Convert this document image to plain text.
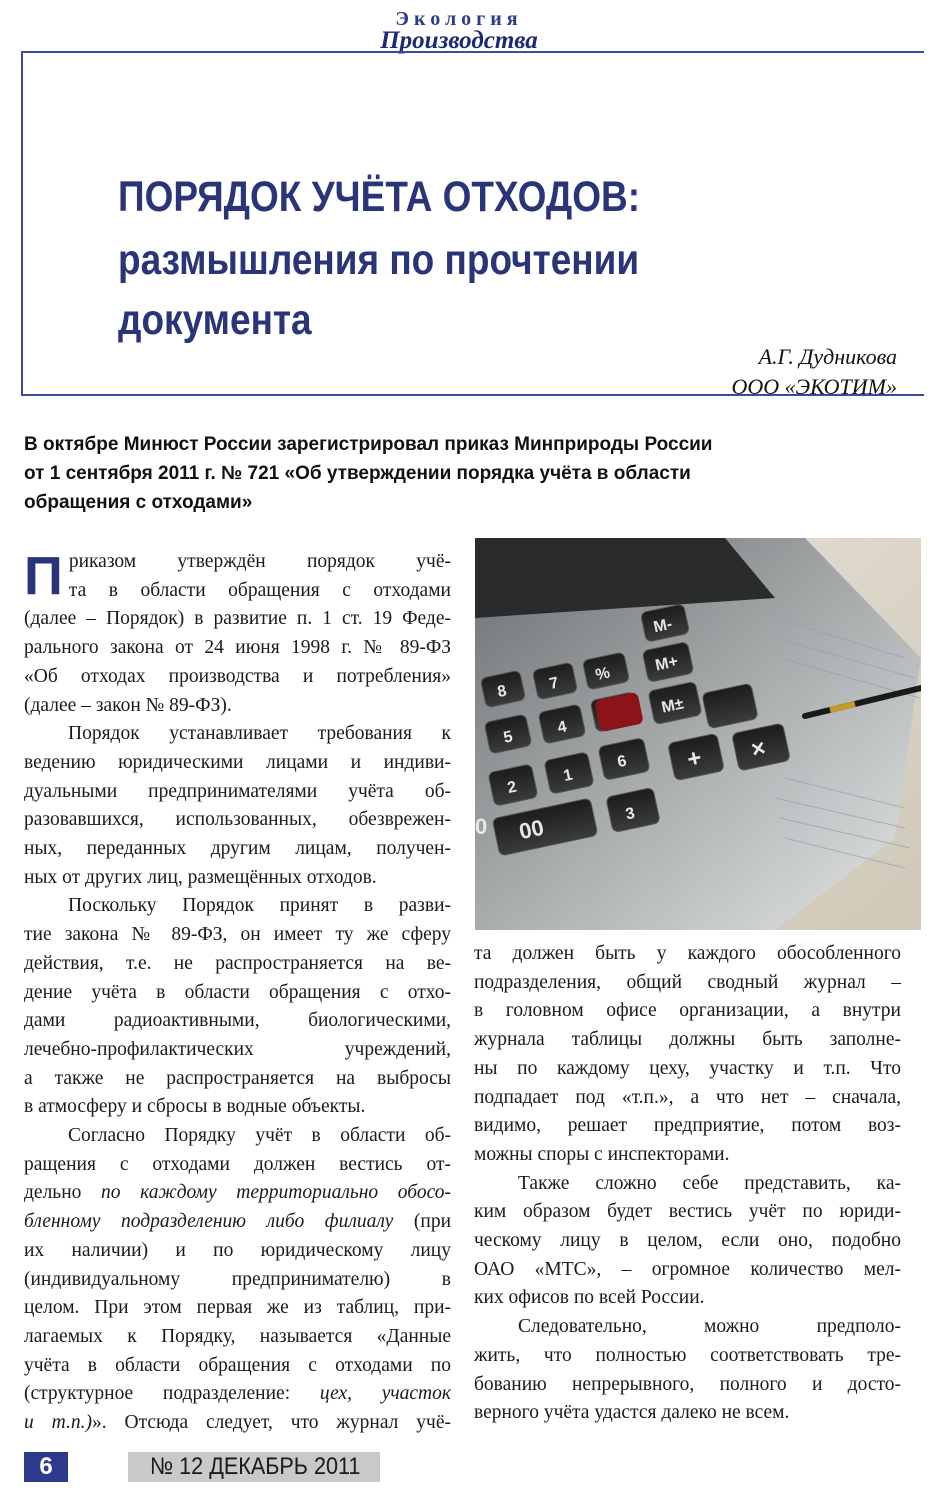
Экология
Производства
ПОРЯДОК УЧЁТА ОТХОДОВ:
размышления по прочтении
документа
А.Г. Дудникова
ООО «ЭКОТИМ»

В октябре Минюст России зарегистрировал приказ Минприроды России
от 1 сентября 2011 г. № 721 «Об утверждении порядка учёта в области
обращения с отходами»

П риказом утверждён порядок учё-
та в области обращения с отходами
(далее – Порядок) в развитие п. 1 ст. 19 Феде-
рального закона от 24 июня 1998 г. № 89-ФЗ
«Об отходах производства и потребления»
(далее – закон № 89-ФЗ).
Порядок устанавливает требования к
ведению юридическими лицами и индиви-
дуальными предпринимателями учёта об-
разовавшихся, использованных, обезврежен-
ных, переданных другим лицам, получен-
ных от других лиц, размещённых отходов.
Поскольку Порядок принят в разви-
тие закона № 89-ФЗ, он имеет ту же сферу
действия, т.е. не распространяется на ве-
дение учёта в области обращения с отхо-
дами радиоактивными, биологическими,
лечебно-профилактических учреждений,
а также не распространяется на выбросы
в атмосферу и сбросы в водные объекты.
Согласно Порядку учёт в области об-
ращения с отходами должен вестись от-
дельно по каждому территориально обосо-
бленному подразделению либо филиалу (при
их наличии) и по юридическому лицу
(индивидуальному предпринимателю) в
целом. При этом первая же из таблиц, при-
лагаемых к Порядку, называется «Данные
учёта в области обращения с отходами по
(структурное подразделение: цех, участок
и т.п.)». Отсюда следует, что журнал учё-
M-
M+
M±
%
7
8
4
5
6
1
2
3
+ ×
00
0
та должен быть у каждого обособленного
подразделения, общий сводный журнал –
в головном офисе организации, а внутри
журнала таблицы должны быть заполне-
ны по каждому цеху, участку и т.п. Что
подпадает под «т.п.», а что нет – сначала,
видимо, решает предприятие, потом воз-
можны споры с инспекторами.
Также сложно себе представить, ка-
ким образом будет вестись учёт по юриди-
ческому лицу в целом, если оно, подобно
ОАО «МТС», – огромное количество мел-
ких офисов по всей России.
Следовательно, можно предполо-
жить, что полностью соответствовать тре-
бованию непрерывного, полного и досто-
верного учёта удастся далеко не всем.
6	№ 12 ДЕКАБРЬ 2011
